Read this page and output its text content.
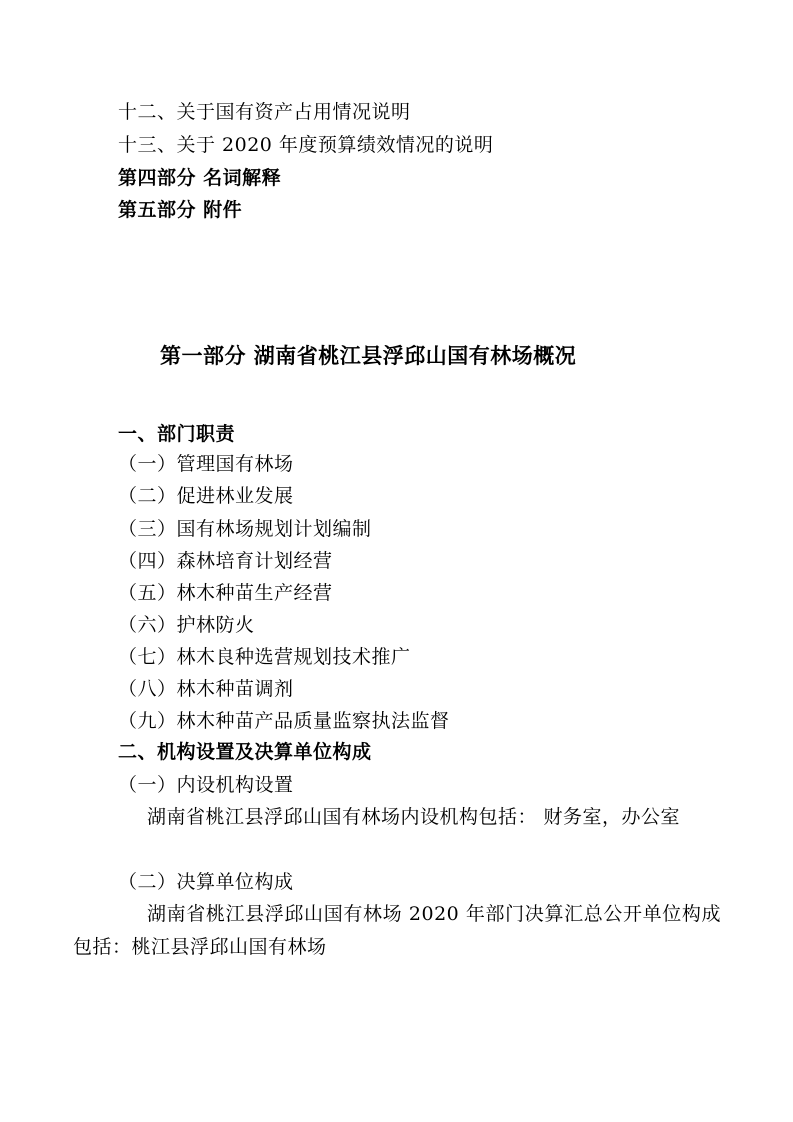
十二、关于国有资产占用情况说明
十三、关于 2020 年度预算绩效情况的说明
第四部分 名词解释
第五部分 附件
第一部分 湖南省桃江县浮邱山国有林场概况
一、部门职责
（一）管理国有林场
（二）促进林业发展
（三）国有林场规划计划编制
（四）森林培育计划经营
（五）林木种苗生产经营
（六）护林防火
（七）林木良种选营规划技术推广
（八）林木种苗调剂
（九）林木种苗产品质量监察执法监督
二、机构设置及决算单位构成
（一）内设机构设置
湖南省桃江县浮邱山国有林场内设机构包括： 财务室，办公室
（二）决算单位构成
湖南省桃江县浮邱山国有林场 2020 年部门决算汇总公开单位构成包括：桃江县浮邱山国有林场
